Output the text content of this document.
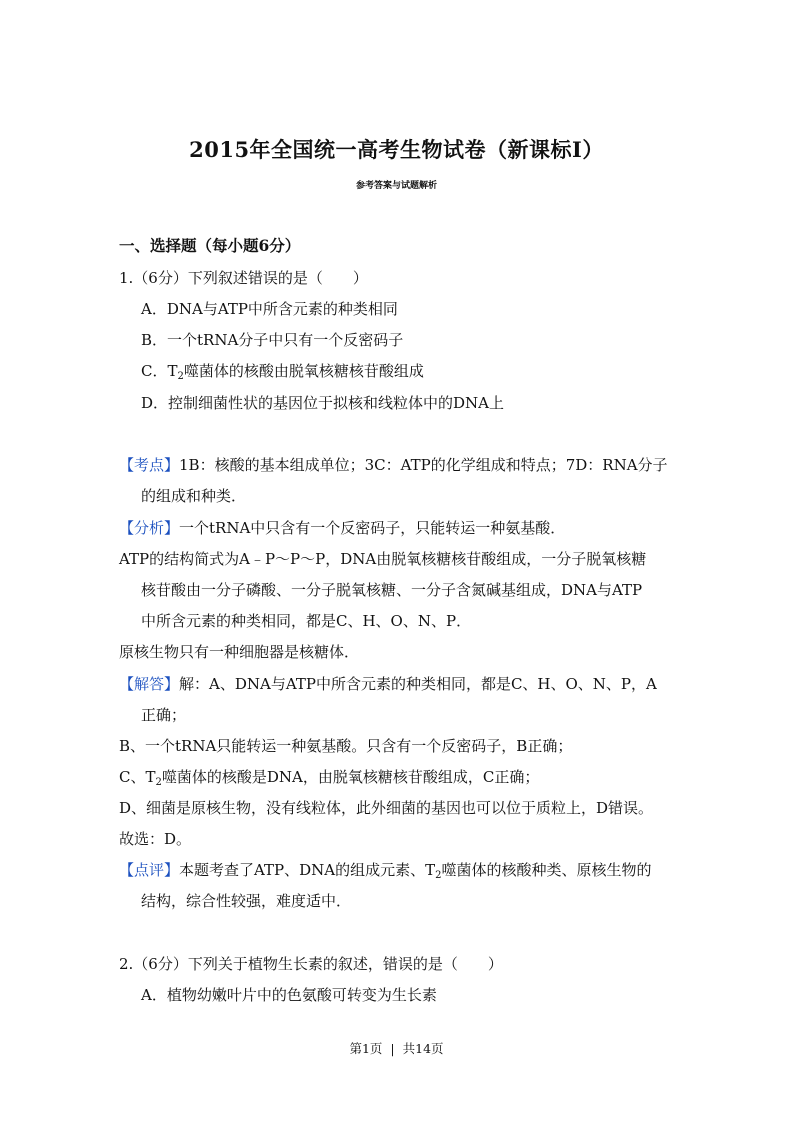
2015年全国统一高考生物试卷（新课标Ⅰ）
参考答案与试题解析
一、选择题（每小题6分）
1.（6分）下列叙述错误的是（　　）
A．DNA与ATP中所含元素的种类相同
B．一个tRNA分子中只有一个反密码子
C．$T_2$噬菌体的核酸由脱氧核糖核苷酸组成
D．控制细菌性状的基因位于拟核和线粒体中的DNA上
【考点】1B：核酸的基本组成单位；3C：ATP的化学组成和特点；7D：RNA分子
的组成和种类．
【分析】一个tRNA中只含有一个反密码子，只能转运一种氨基酸．
ATP的结构简式为A﹣P～P～P，DNA由脱氧核糖核苷酸组成，一分子脱氧核糖
核苷酸由一分子磷酸、一分子脱氧核糖、一分子含氮碱基组成，DNA与ATP
中所含元素的种类相同，都是C、H、O、N、P．
原核生物只有一种细胞器是核糖体．
【解答】解：A、DNA与ATP中所含元素的种类相同，都是C、H、O、N、P，A
正确；
B、一个tRNA只能转运一种氨基酸。只含有一个反密码子，B正确；
C、$T_2$噬菌体的核酸是DNA，由脱氧核糖核苷酸组成，C正确；
D、细菌是原核生物，没有线粒体，此外细菌的基因也可以位于质粒上，D错误。
故选：D。
【点评】本题考查了ATP、DNA的组成元素、$T_2$噬菌体的核酸种类、原核生物的
结构，综合性较强，难度适中．
2.（6分）下列关于植物生长素的叙述，错误的是（　　）
A．植物幼嫩叶片中的色氨酸可转变为生长素
第1页 | 共14页
